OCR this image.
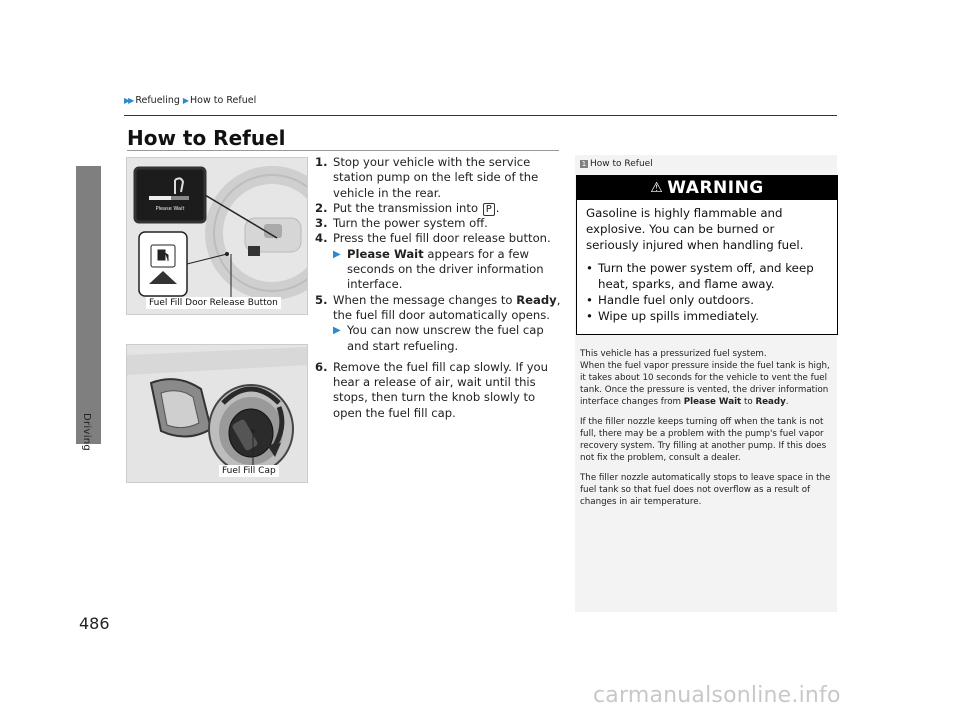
▶▶ Refueling ▶ How to Refuel
Driving
How to Refuel
Please Wait
Fuel Fill Door Release Button
Fuel Fill Cap
1. Stop your vehicle with the service station pump on the left side of the vehicle in the rear.
2. Put the transmission into P .
3. Turn the power system off.
4. Press the fuel fill door release button.
▶ Please Wait appears for a few seconds on the driver information interface.
5. When the message changes to Ready, the fuel fill door automatically opens.
▶ You can now unscrew the fuel cap and start refueling.
6. Remove the fuel fill cap slowly. If you hear a release of air, wait until this stops, then turn the knob slowly to open the fuel fill cap.
1 How to Refuel
⚠ WARNING
Gasoline is highly flammable and explosive. You can be burned or seriously injured when handling fuel.
• Turn the power system off, and keep heat, sparks, and flame away.
• Handle fuel only outdoors.
• Wipe up spills immediately.

This vehicle has a pressurized fuel system.
When the fuel vapor pressure inside the fuel tank is high, it takes about 10 seconds for the vehicle to vent the fuel tank. Once the pressure is vented, the driver information interface changes from Please Wait to Ready.

If the filler nozzle keeps turning off when the tank is not full, there may be a problem with the pump's fuel vapor recovery system. Try filling at another pump. If this does not fix the problem, consult a dealer.

The filler nozzle automatically stops to leave space in the fuel tank so that fuel does not overflow as a result of changes in air temperature.

486
carmanualsonline.info
